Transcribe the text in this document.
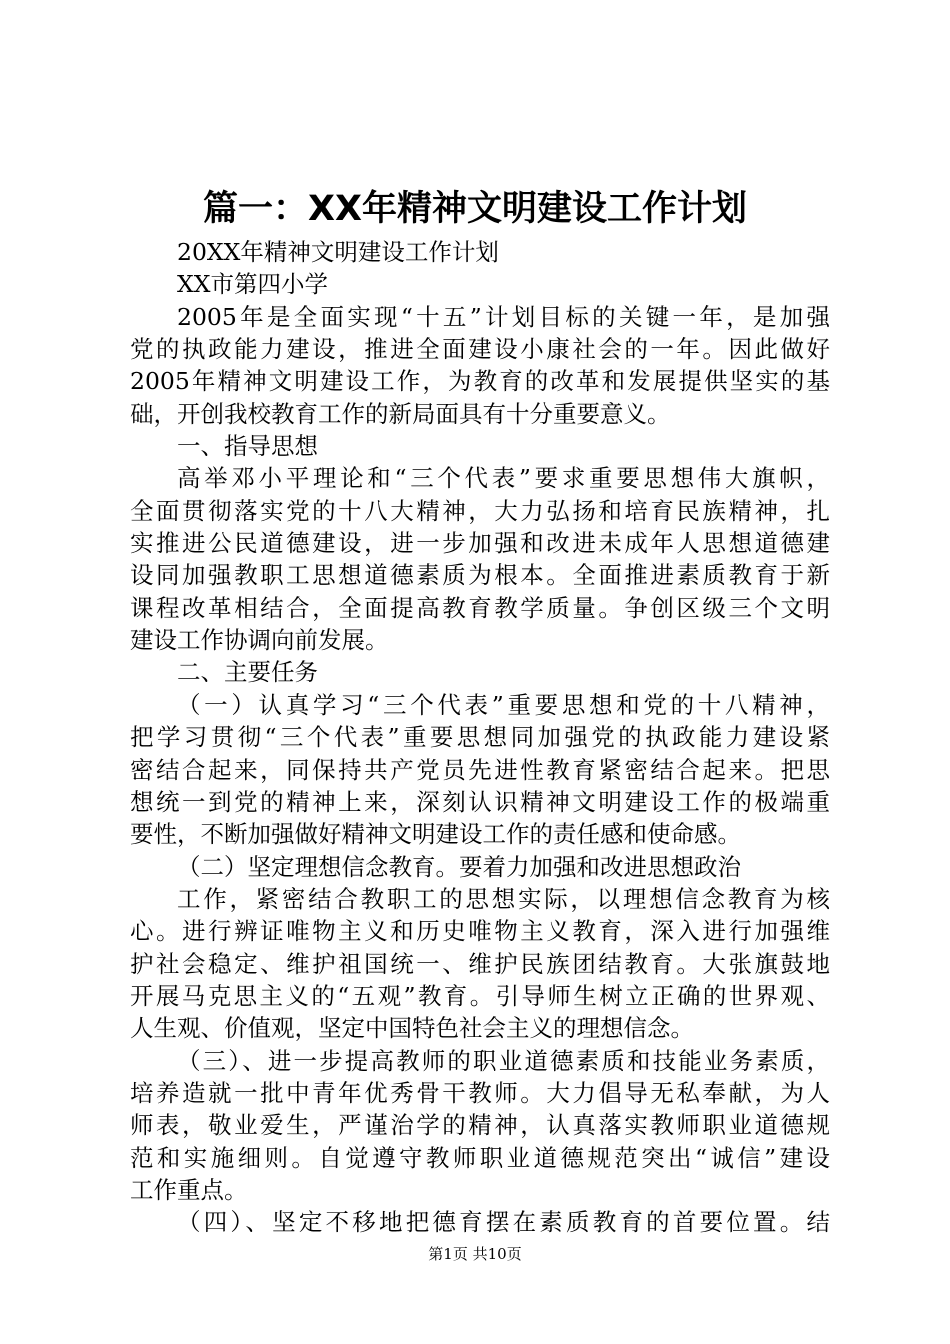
篇一：XX年精神文明建设工作计划
20XX年精神文明建设工作计划
XX市第四小学
2005年是全面实现“十五”计划目标的关键一年，是加强
党的执政能力建设，推进全面建设小康社会的一年。因此做好
2005年精神文明建设工作，为教育的改革和发展提供坚实的基
础，开创我校教育工作的新局面具有十分重要意义。
一、指导思想
高举邓小平理论和“三个代表”要求重要思想伟大旗帜，
全面贯彻落实党的十八大精神，大力弘扬和培育民族精神，扎
实推进公民道德建设，进一步加强和改进未成年人思想道德建
设同加强教职工思想道德素质为根本。全面推进素质教育于新
课程改革相结合，全面提高教育教学质量。争创区级三个文明
建设工作协调向前发展。
二、主要任务
（一）认真学习“三个代表”重要思想和党的十八精神，
把学习贯彻“三个代表”重要思想同加强党的执政能力建设紧
密结合起来，同保持共产党员先进性教育紧密结合起来。把思
想统一到党的精神上来，深刻认识精神文明建设工作的极端重
要性，不断加强做好精神文明建设工作的责任感和使命感。
（二）坚定理想信念教育。要着力加强和改进思想政治
工作，紧密结合教职工的思想实际，以理想信念教育为核
心。进行辨证唯物主义和历史唯物主义教育，深入进行加强维
护社会稳定、维护祖国统一、维护民族团结教育。大张旗鼓地
开展马克思主义的“五观”教育。引导师生树立正确的世界观、
人生观、价值观，坚定中国特色社会主义的理想信念。
（三）、进一步提高教师的职业道德素质和技能业务素质，
培养造就一批中青年优秀骨干教师。大力倡导无私奉献，为人
师表，敬业爱生，严谨治学的精神，认真落实教师职业道德规
范和实施细则。自觉遵守教师职业道德规范突出“诚信”建设
工作重点。
（四）、坚定不移地把德育摆在素质教育的首要位置。结
第1页 共10页
